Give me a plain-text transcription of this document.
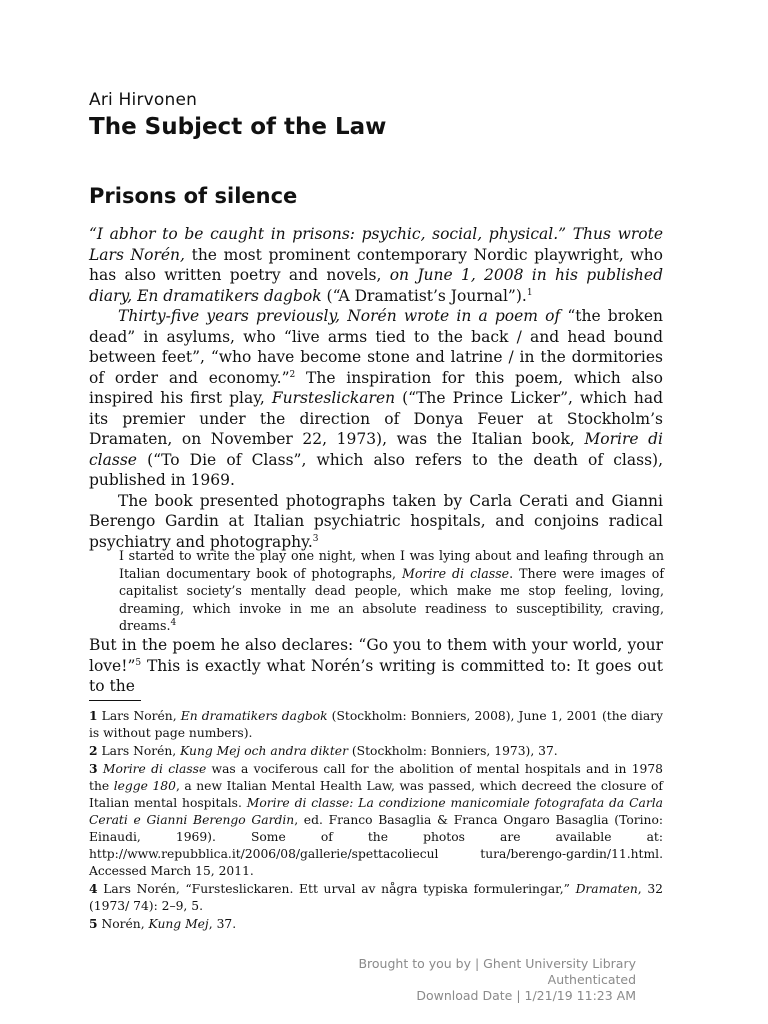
Ari Hirvonen
The Subject of the Law
Prisons of silence

“I abhor to be caught in prisons: psychic, social, physical.” Thus wrote Lars Norén, the most prominent contemporary Nordic playwright, who has also written poetry and novels, on June 1, 2008 in his published diary, En dramatikers dagbok (“A Dramatist’s Journal”).$^1$

Thirty-five years previously, Norén wrote in a poem of “the broken dead” in asylums, who “live arms tied to the back / and head bound between feet”, “who have become stone and latrine / in the dormitories of order and economy.”$^2$ The inspiration for this poem, which also inspired his first play, Fursteslickaren (“The Prince Licker”, which had its premier under the direction of Donya Feuer at Stockholm’s Dramaten, on November 22, 1973), was the Italian book, Morire di classe (“To Die of Class”, which also refers to the death of class), published in 1969.

The book presented photographs taken by Carla Cerati and Gianni Berengo Gardin at Italian psychiatric hospitals, and conjoins radical psychiatry and photography.$^3$

I started to write the play one night, when I was lying about and leafing through an Italian documentary book of photographs, Morire di classe. There were images of capitalist society’s mentally dead people, which make me stop feeling, loving, dreaming, which invoke in me an absolute readiness to susceptibility, craving, dreams.$^4$
But in the poem he also declares: “Go you to them with your world, your love!”$^5$ This is exactly what Norén’s writing is committed to: It goes out to the

1 Lars Norén, En dramatikers dagbok (Stockholm: Bonniers, 2008), June 1, 2001 (the diary is without page numbers).

2 Lars Norén, Kung Mej och andra dikter (Stockholm: Bonniers, 1973), 37.

3 Morire di classe was a vociferous call for the abolition of mental hospitals and in 1978 the legge 180, a new Italian Mental Health Law, was passed, which decreed the closure of Italian mental hospitals. Morire di classe: La condizione manicomiale fotografata da Carla Cerati e Gianni Berengo Gardin, ed. Franco Basaglia & Franca Ongaro Basaglia (Torino: Einaudi, 1969). Some of the photos are available at: http://www.repubblica.it/2006/08/gallerie/spettacoliecul tura/berengo-gardin/11.html. Accessed March 15, 2011.

4 Lars Norén, “Fursteslickaren. Ett urval av några typiska formuleringar,” Dramaten, 32 (1973/ 74): 2–9, 5.

5 Norén, Kung Mej, 37.

Brought to you by | Ghent University Library
Authenticated
Download Date | 1/21/19 11:23 AM
